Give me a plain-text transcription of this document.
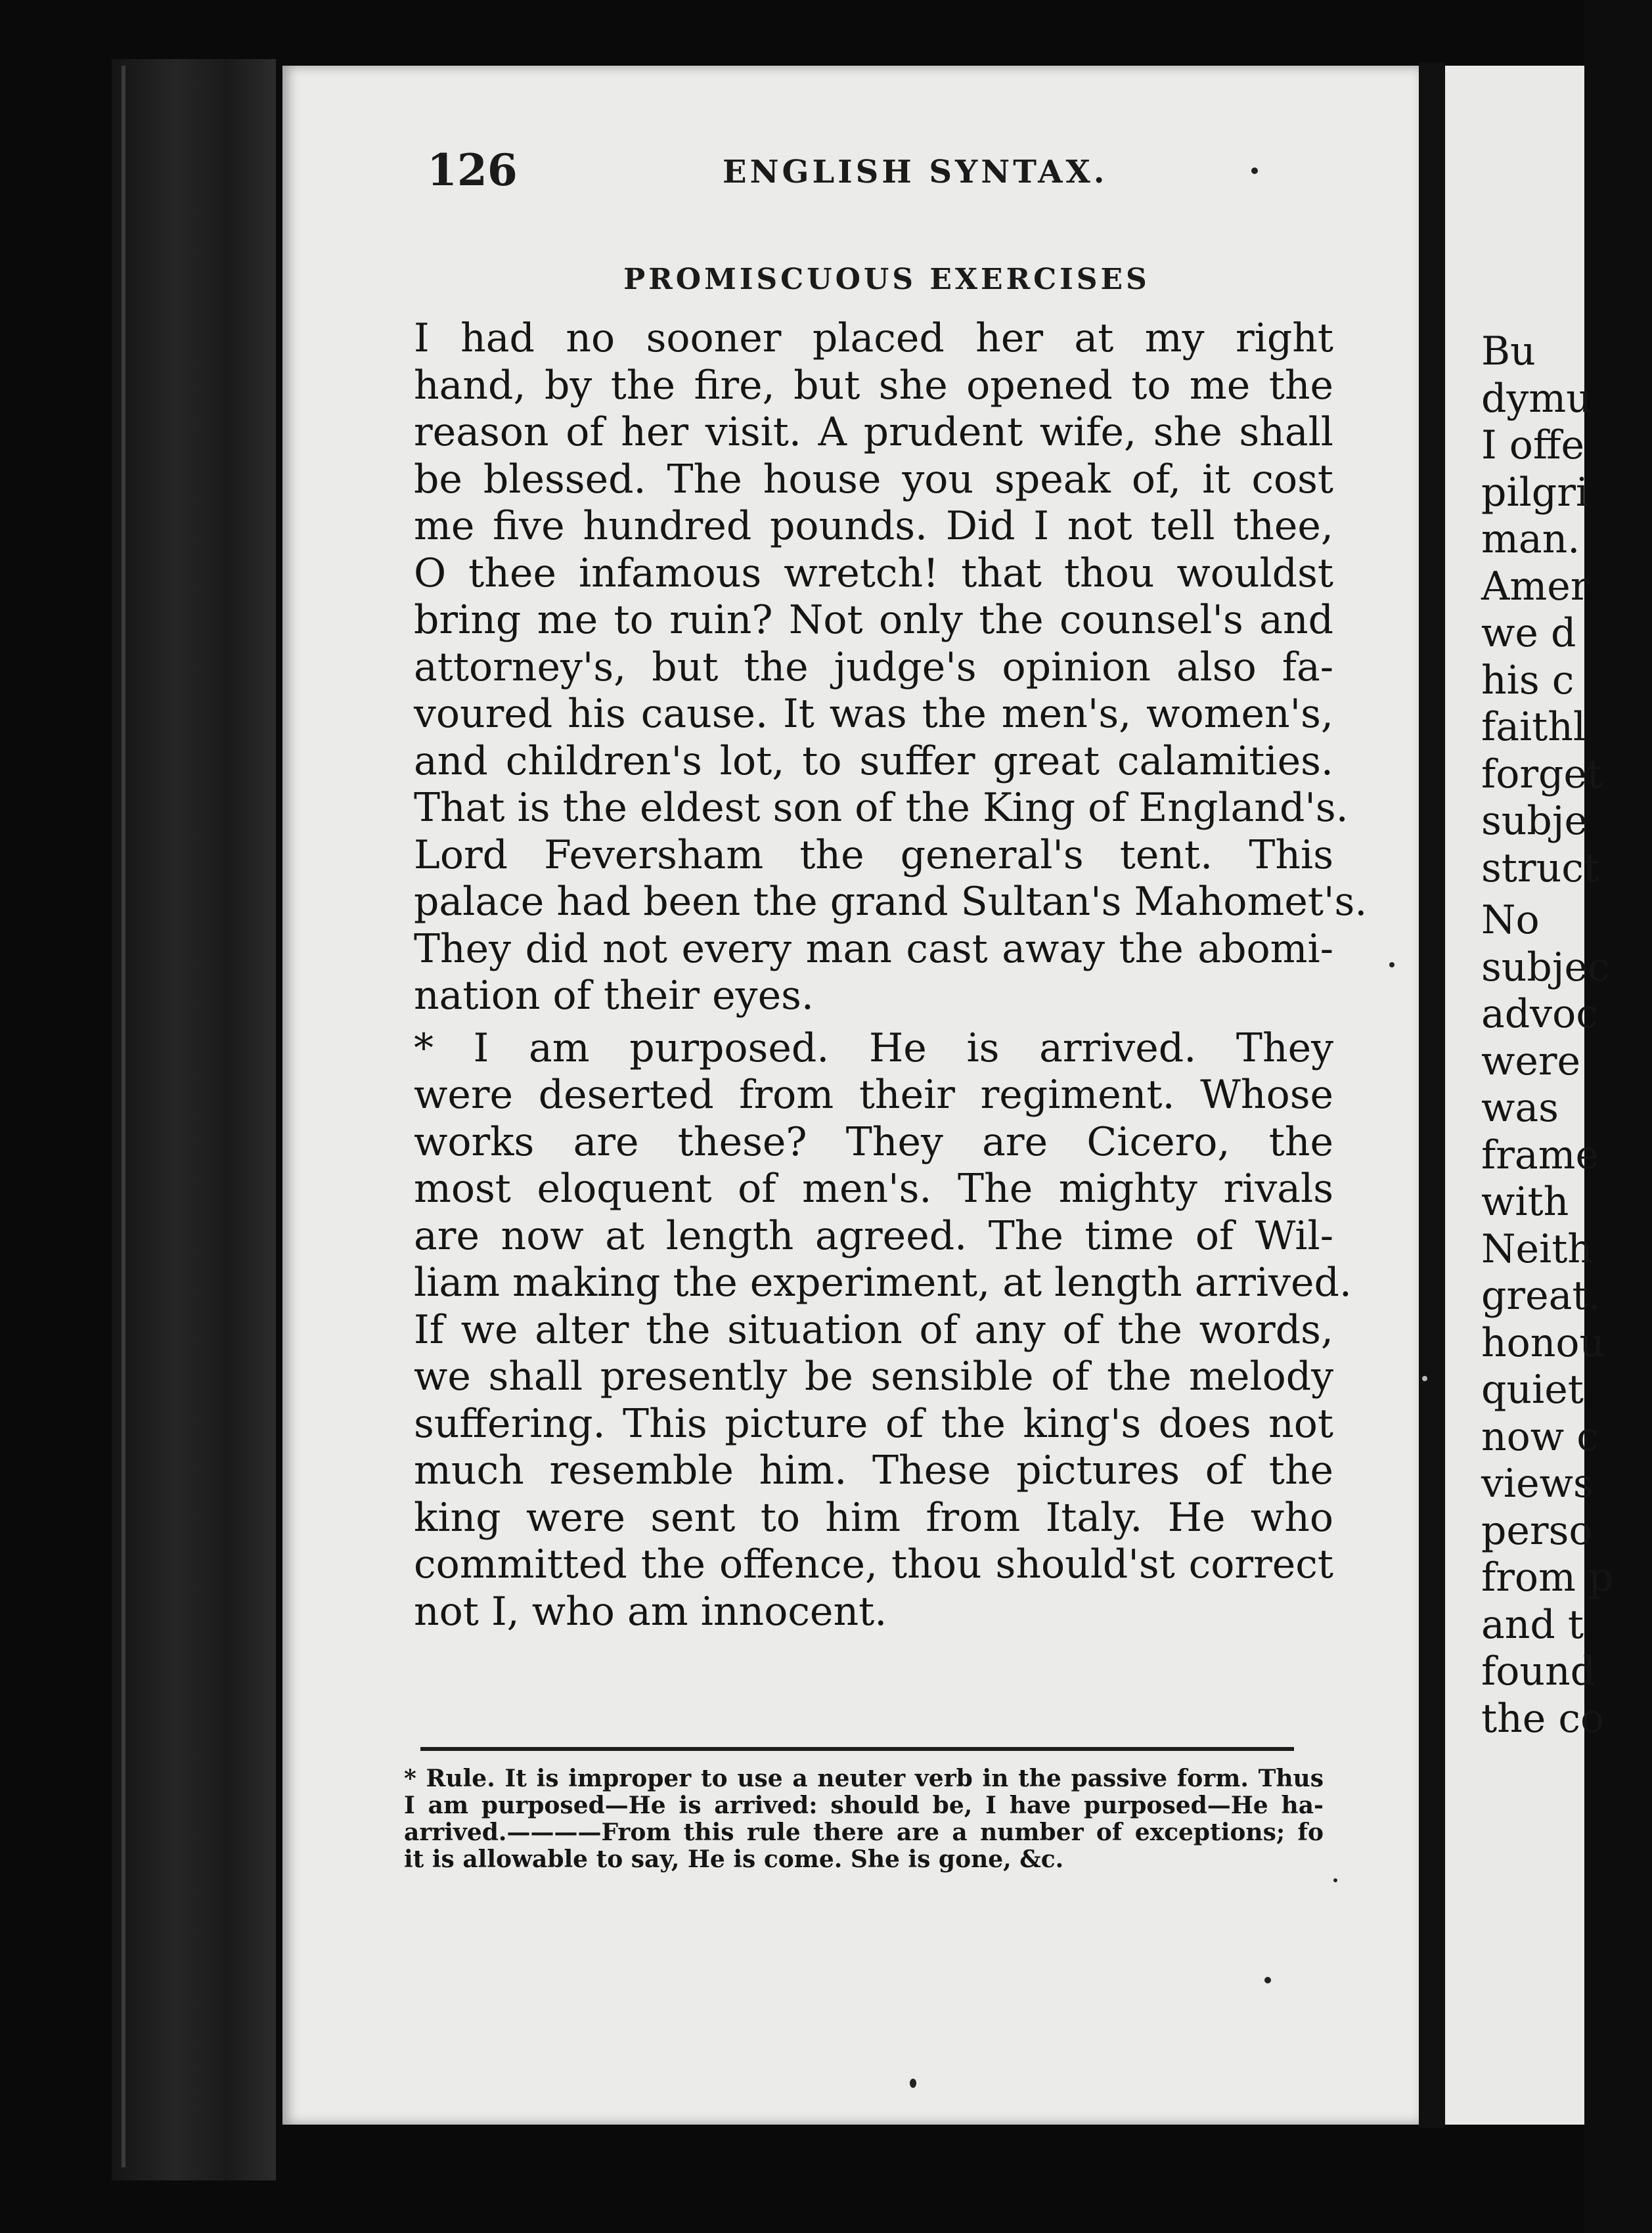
126	ENGLISH SYNTAX.
PROMISCUOUS EXERCISES
I had no sooner placed her at my right
hand, by the fire, but she opened to me the
reason of her visit. A prudent wife, she shall
be blessed. The house you speak of, it cost
me five hundred pounds. Did I not tell thee,
O thee infamous wretch! that thou wouldst
bring me to ruin? Not only the counsel's and
attorney's, but the judge's opinion also fa-
voured his cause. It was the men's, women's,
and children's lot, to suffer great calamities.
That is the eldest son of the King of England's.
Lord Feversham the general's tent. This
palace had been the grand Sultan's Mahomet's.
They did not every man cast away the abomi-
nation of their eyes.
* I am purposed. He is arrived. They
were deserted from their regiment. Whose
works are these? They are Cicero, the
most eloquent of men's. The mighty rivals
are now at length agreed. The time of Wil-
liam making the experiment, at length arrived.
If we alter the situation of any of the words,
we shall presently be sensible of the melody
suffering. This picture of the king's does not
much resemble him. These pictures of the
king were sent to him from Italy. He who
committed the offence, thou should'st correct
not I, who am innocent.
* Rule. It is improper to use a neuter verb in the passive form. Thus
I am purposed—He is arrived: should be, I have purposed—He ha-
arrived.————From this rule there are a number of exceptions; fo
it is allowable to say, He is come. She is gone, &c.
Bu
dymu
I offe
pilgri
man.
Amer
we d
his c
faithl
forget
subje
struct
No
subjec
advoc
were
was
frame
with
Neith
great.
honou
quiet
now c
views
perso
from p
and t
found
the co
